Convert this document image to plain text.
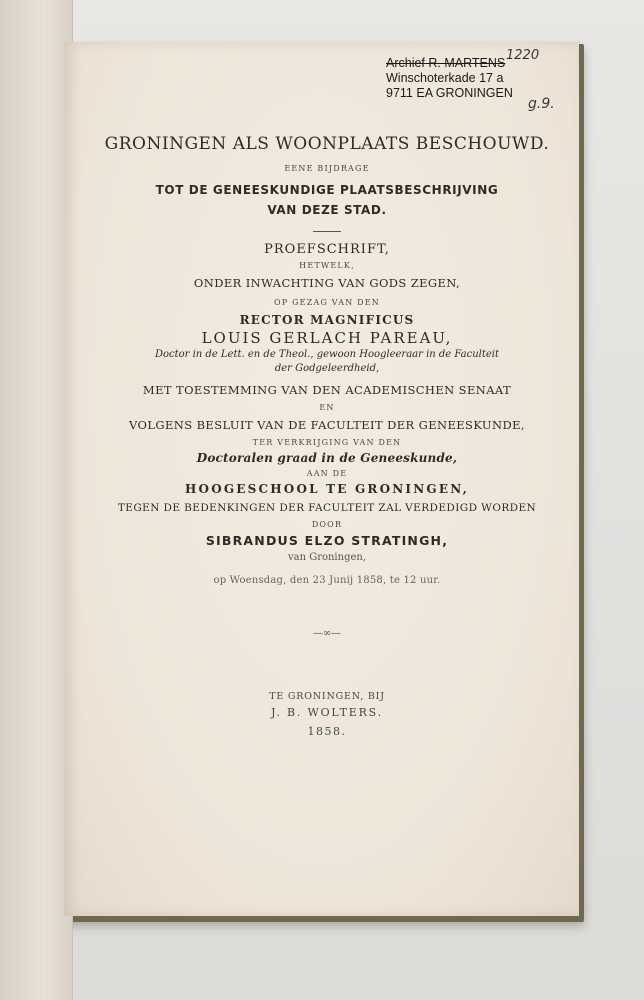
1220
g.9.
Archief R. MARTENS
Winschoterkade 17 a
9711 EA GRONINGEN
GRONINGEN ALS WOONPLAATS BESCHOUWD.
EENE BIJDRAGE
TOT DE GENEESKUNDIGE PLAATSBESCHRIJVING
VAN DEZE STAD.
PROEFSCHRIFT,
HETWELK,
ONDER INWACHTING VAN GODS ZEGEN,
OP GEZAG VAN DEN
RECTOR MAGNIFICUS
LOUIS GERLACH PAREAU,
Doctor in de Lett. en de Theol., gewoon Hoogleeraar in de Faculteit
der Godgeleerdheid,
MET TOESTEMMING VAN DEN ACADEMISCHEN SENAAT
EN
VOLGENS BESLUIT VAN DE FACULTEIT DER GENEESKUNDE,
TER VERKRIJGING VAN DEN
Doctoralen graad in de Geneeskunde,
AAN DE
HOOGESCHOOL TE GRONINGEN,
TEGEN DE BEDENKINGEN DER FACULTEIT ZAL VERDEDIGD WORDEN
DOOR
SIBRANDUS ELZO STRATINGH,
van Groningen,
op Woensdag, den 23 Junij 1858, te 12 uur.
—∞—
TE GRONINGEN, BIJ
J. B. WOLTERS.
1858.
